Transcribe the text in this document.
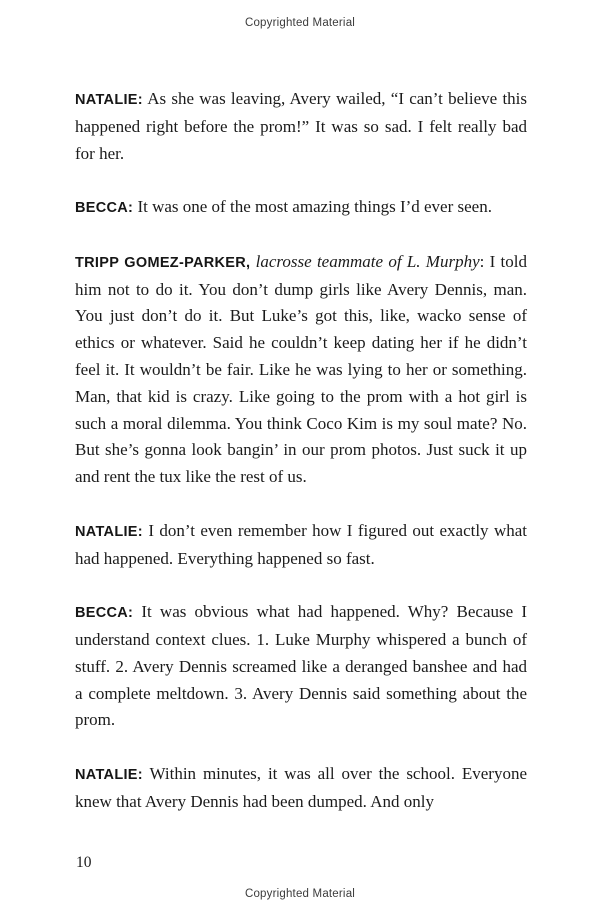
Copyrighted Material

NATALIE: As she was leaving, Avery wailed, “I can’t believe this happened right before the prom!” It was so sad. I felt really bad for her.

BECCA: It was one of the most amazing things I’d ever seen.

TRIPP GOMEZ-PARKER, lacrosse teammate of L. Murphy: I told him not to do it. You don’t dump girls like Avery Dennis, man. You just don’t do it. But Luke’s got this, like, wacko sense of ethics or whatever. Said he couldn’t keep dating her if he didn’t feel it. It wouldn’t be fair. Like he was lying to her or something. Man, that kid is crazy. Like going to the prom with a hot girl is such a moral dilemma. You think Coco Kim is my soul mate? No. But she’s gonna look bangin’ in our prom photos. Just suck it up and rent the tux like the rest of us.

NATALIE: I don’t even remember how I figured out exactly what had happened. Everything happened so fast.

BECCA: It was obvious what had happened. Why? Because I understand context clues. 1. Luke Murphy whispered a bunch of stuff. 2. Avery Dennis screamed like a deranged banshee and had a complete meltdown. 3. Avery Dennis said something about the prom.

NATALIE: Within minutes, it was all over the school. Everyone knew that Avery Dennis had been dumped. And only

10
Copyrighted Material
